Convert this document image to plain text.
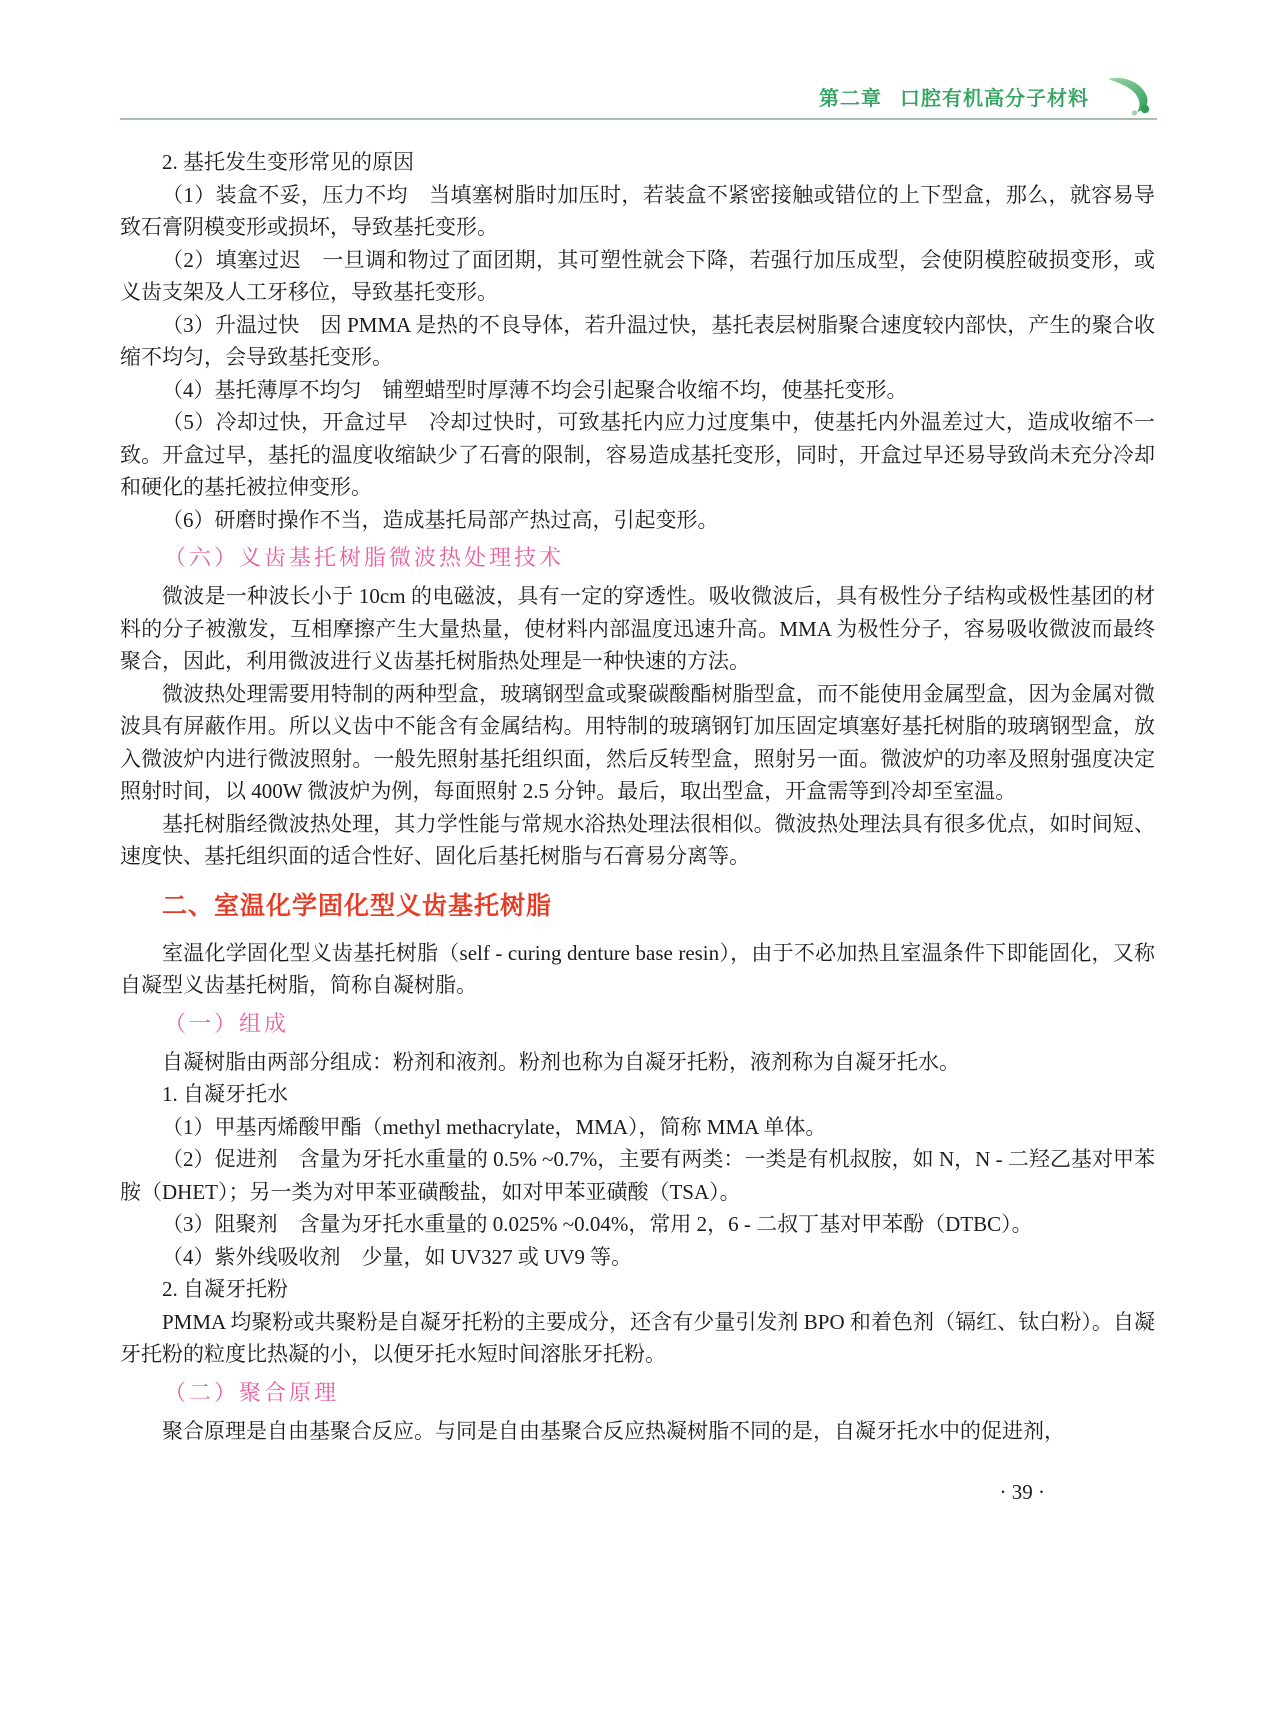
第二章 口腔有机高分子材料

2. 基托发生变形常见的原因

（1）装盒不妥，压力不均　当填塞树脂时加压时，若装盒不紧密接触或错位的上下型盒，那么，就容易导致石膏阴模变形或损坏，导致基托变形。

（2）填塞过迟　一旦调和物过了面团期，其可塑性就会下降，若强行加压成型，会使阴模腔破损变形，或义齿支架及人工牙移位，导致基托变形。

（3）升温过快　因 PMMA 是热的不良导体，若升温过快，基托表层树脂聚合速度较内部快，产生的聚合收缩不均匀，会导致基托变形。

（4）基托薄厚不均匀　铺塑蜡型时厚薄不均会引起聚合收缩不均，使基托变形。

（5）冷却过快，开盒过早　冷却过快时，可致基托内应力过度集中，使基托内外温差过大，造成收缩不一致。开盒过早，基托的温度收缩缺少了石膏的限制，容易造成基托变形，同时，开盒过早还易导致尚未充分冷却和硬化的基托被拉伸变形。

（6）研磨时操作不当，造成基托局部产热过高，引起变形。

（六）义齿基托树脂微波热处理技术

微波是一种波长小于 10cm 的电磁波，具有一定的穿透性。吸收微波后，具有极性分子结构或极性基团的材料的分子被激发，互相摩擦产生大量热量，使材料内部温度迅速升高。MMA 为极性分子，容易吸收微波而最终聚合，因此，利用微波进行义齿基托树脂热处理是一种快速的方法。

微波热处理需要用特制的两种型盒，玻璃钢型盒或聚碳酸酯树脂型盒，而不能使用金属型盒，因为金属对微波具有屏蔽作用。所以义齿中不能含有金属结构。用特制的玻璃钢钉加压固定填塞好基托树脂的玻璃钢型盒，放入微波炉内进行微波照射。一般先照射基托组织面，然后反转型盒，照射另一面。微波炉的功率及照射强度决定照射时间，以 400W 微波炉为例，每面照射 2.5 分钟。最后，取出型盒，开盒需等到冷却至室温。

基托树脂经微波热处理，其力学性能与常规水浴热处理法很相似。微波热处理法具有很多优点，如时间短、速度快、基托组织面的适合性好、固化后基托树脂与石膏易分离等。

二、室温化学固化型义齿基托树脂

室温化学固化型义齿基托树脂（self - curing denture base resin），由于不必加热且室温条件下即能固化，又称自凝型义齿基托树脂，简称自凝树脂。

（一）组成

自凝树脂由两部分组成：粉剂和液剂。粉剂也称为自凝牙托粉，液剂称为自凝牙托水。

1. 自凝牙托水

（1）甲基丙烯酸甲酯（methyl methacrylate，MMA），简称 MMA 单体。

（2）促进剂　含量为牙托水重量的 0.5% ~0.7%，主要有两类：一类是有机叔胺，如 N，N - 二羟乙基对甲苯胺（DHET）；另一类为对甲苯亚磺酸盐，如对甲苯亚磺酸（TSA）。

（3）阻聚剂　含量为牙托水重量的 0.025% ~0.04%，常用 2，6 - 二叔丁基对甲苯酚（DTBC）。

（4）紫外线吸收剂　少量，如 UV327 或 UV9 等。

2. 自凝牙托粉

PMMA 均聚粉或共聚粉是自凝牙托粉的主要成分，还含有少量引发剂 BPO 和着色剂（镉红、钛白粉）。自凝牙托粉的粒度比热凝的小，以便牙托水短时间溶胀牙托粉。

（二）聚合原理

聚合原理是自由基聚合反应。与同是自由基聚合反应热凝树脂不同的是，自凝牙托水中的促进剂，

· 39 ·
